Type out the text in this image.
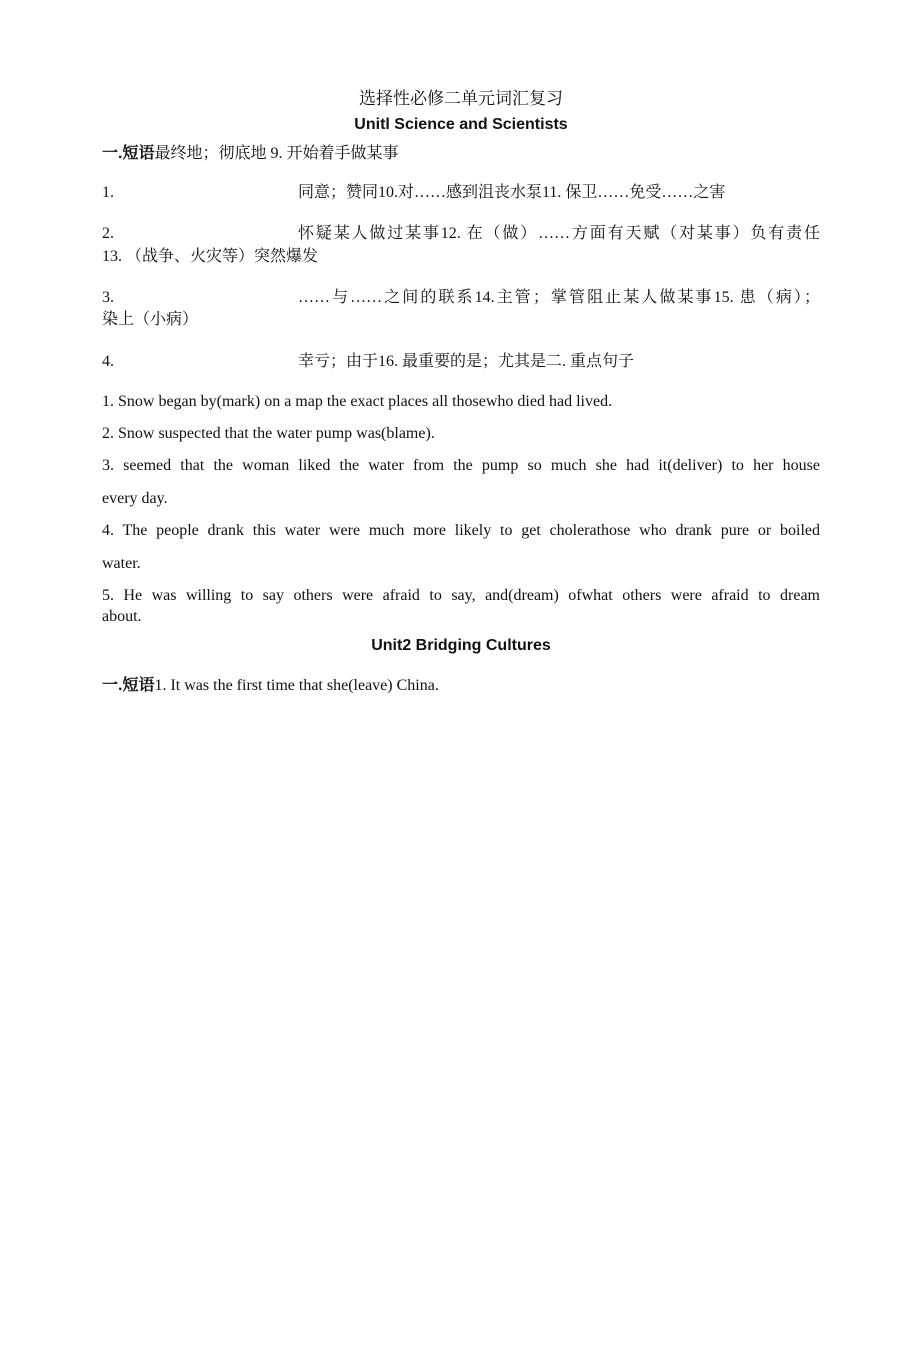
选择性必修二单元词汇复习
Unitl Science and Scientists
一.短语最终地；彻底地 9. 开始着手做某事
1.	同意；赞同10.对……感到沮丧水泵11. 保卫……免受……之害
2.	怀疑某人做过某事12. 在（做）……方面有天赋（对某事）负有责任
13. （战争、火灾等）突然爆发
3.	……与……之间的联系14.主管；掌管阻止某人做某事15. 患（病）；
染上（小病）
4.	幸亏；由于16. 最重要的是；尤其是二. 重点句子
1. Snow began by(mark) on a map the exact places all thosewho died had lived.
2. Snow suspected that the water pump was(blame).
3. seemed that the woman liked the water from the pump so much she had it(deliver) to her house
every day.
4. The people drank this water were much more likely to get cholerathose who drank pure or boiled
water.
5. He was willing to say others were afraid to say, and(dream) ofwhat others were afraid to dream
about.
Unit2 Bridging Cultures
一.短语1. It was the first time that she(leave) China.
